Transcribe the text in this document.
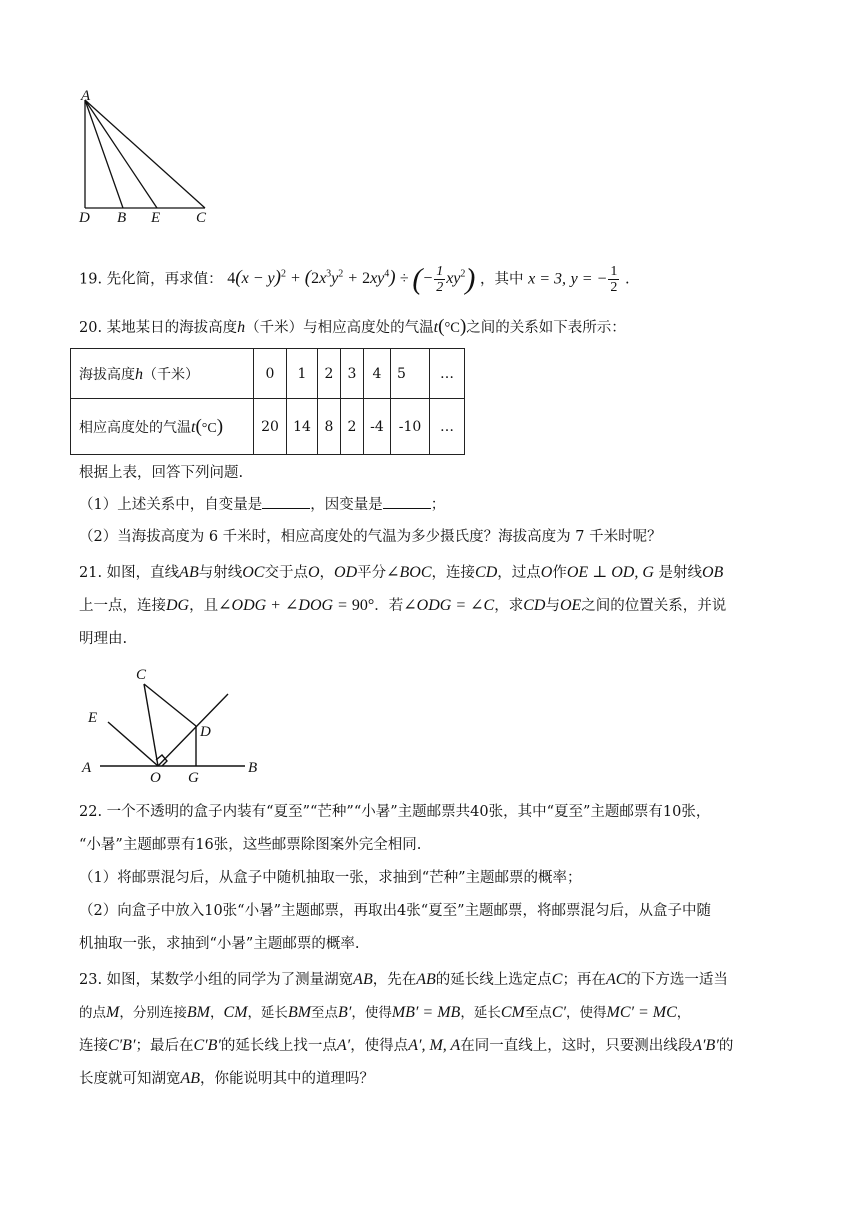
A
D B E C
19. 先化简，再求值： $4(x - y)^2 + (2x^3y^2 + 2xy^4)$ ÷ (− $\frac{1}{2} xy^2$) ，其中 x = 3, y = − $\frac{1}{2}$ .
20. 某地某日的海拔高度h（千米）与相应高度处的气温t(°C)之间的关系如下表所示：
海拔高度h（千米）	0	1	2	3	4	5	…
相应高度处的气温t(°C)	20	14	8	2	-4	-10	…
根据上表，回答下列问题.
（1）上述关系中，自变量是	，因变量是	；
（2）当海拔高度为 6 千米时，相应高度处的气温为多少摄氏度？海拔高度为 7 千米时呢？
21. 如图，直线AB与射线OC交于点O，OD平分∠BOC，连接CD，过点O作OE ⊥ OD, G 是射线OB
上一点，连接DG，且∠ODG + ∠DOG = 90°．若∠ODG = ∠C，求CD与OE之间的位置关系，并说
明理由.
C
E
D
A
O G
B
22. 一个不透明的盒子内装有“夏至”“芒种”“小暑”主题邮票共40张，其中“夏至”主题邮票有10张，
“小暑”主题邮票有16张，这些邮票除图案外完全相同.
（1）将邮票混匀后，从盒子中随机抽取一张，求抽到“芒种”主题邮票的概率；
（2）向盒子中放入10张“小暑”主题邮票，再取出4张“夏至”主题邮票，将邮票混匀后，从盒子中随
机抽取一张，求抽到“小暑”主题邮票的概率.
23. 如图，某数学小组的同学为了测量湖宽AB，先在AB的延长线上选定点C；再在AC的下方选一适当
的点M，分别连接BM，CM，延长BM至点B′，使得MB′ = MB，延长CM至点C′，使得MC′ = MC，
连接C′B′；最后在C′B′的延长线上找一点A′，使得点A′, M, A在同一直线上，这时，只要测出线段A′B′的
长度就可知湖宽AB，你能说明其中的道理吗？
